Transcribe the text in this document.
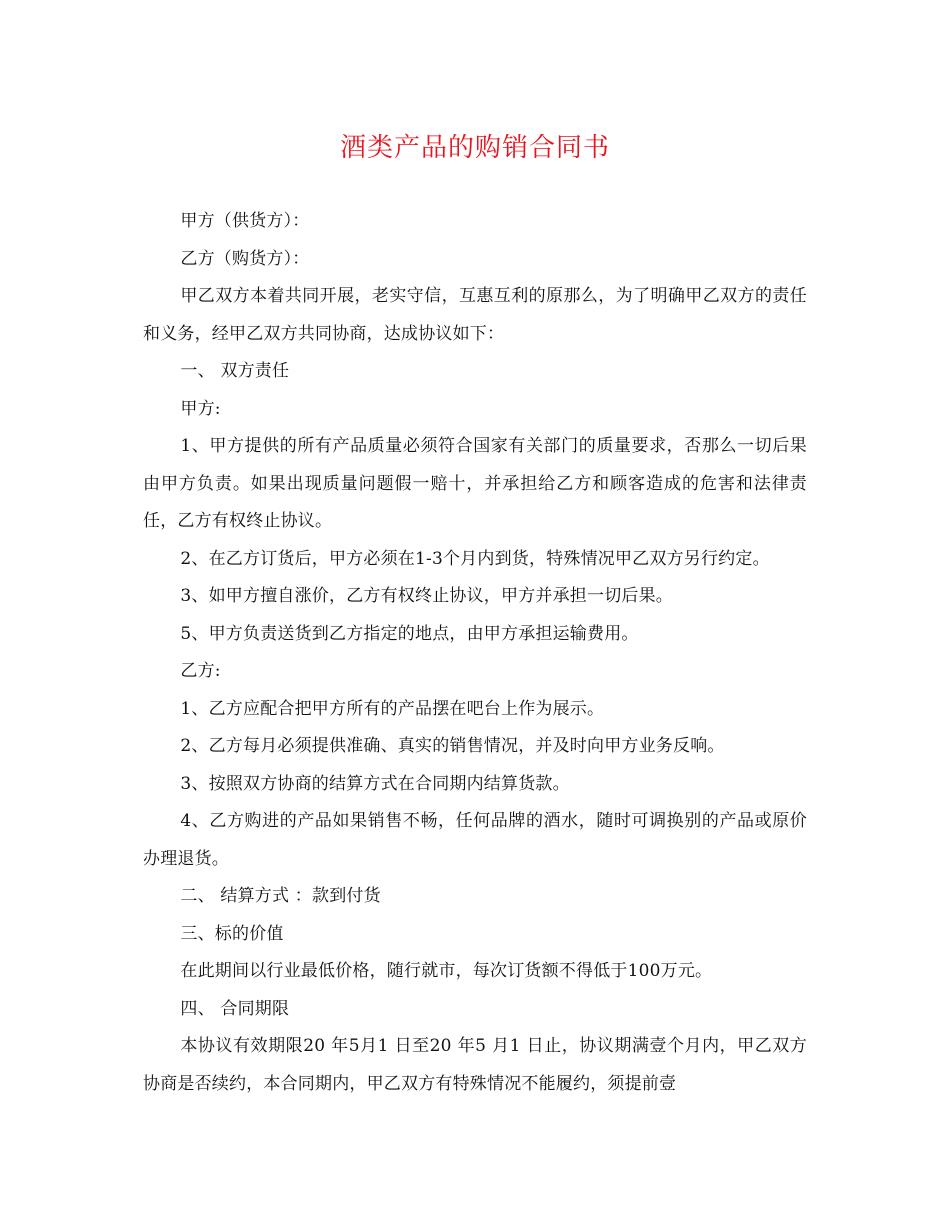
酒类产品的购销合同书

甲方（供货方）：

乙方（购货方）：

甲乙双方本着共同开展，老实守信，互惠互利的原那么，为了明确甲乙双方的责任和义务，经甲乙双方共同协商，达成协议如下：

一、 双方责任

甲方:

1、甲方提供的所有产品质量必须符合国家有关部门的质量要求，否那么一切后果由甲方负责。如果出现质量问题假一赔十，并承担给乙方和顾客造成的危害和法律责任，乙方有权终止协议。

2、在乙方订货后，甲方必须在1-3个月内到货，特殊情况甲乙双方另行约定。

3、如甲方擅自涨价，乙方有权终止协议，甲方并承担一切后果。

5、甲方负责送货到乙方指定的地点，由甲方承担运输费用。

乙方:

1、乙方应配合把甲方所有的产品摆在吧台上作为展示。

2、乙方每月必须提供准确、真实的销售情况，并及时向甲方业务反响。

3、按照双方协商的结算方式在合同期内结算货款。

4、乙方购进的产品如果销售不畅，任何品牌的酒水，随时可调换别的产品或原价办理退货。

二、 结算方式 ：款到付货

三、标的价值

在此期间以行业最低价格，随行就市，每次订货额不得低于100万元。

四、 合同期限

本协议有效期限20 年5月1 日至20 年5 月1 日止，协议期满壹个月内，甲乙双方协商是否续约，本合同期内，甲乙双方有特殊情况不能履约，须提前壹
